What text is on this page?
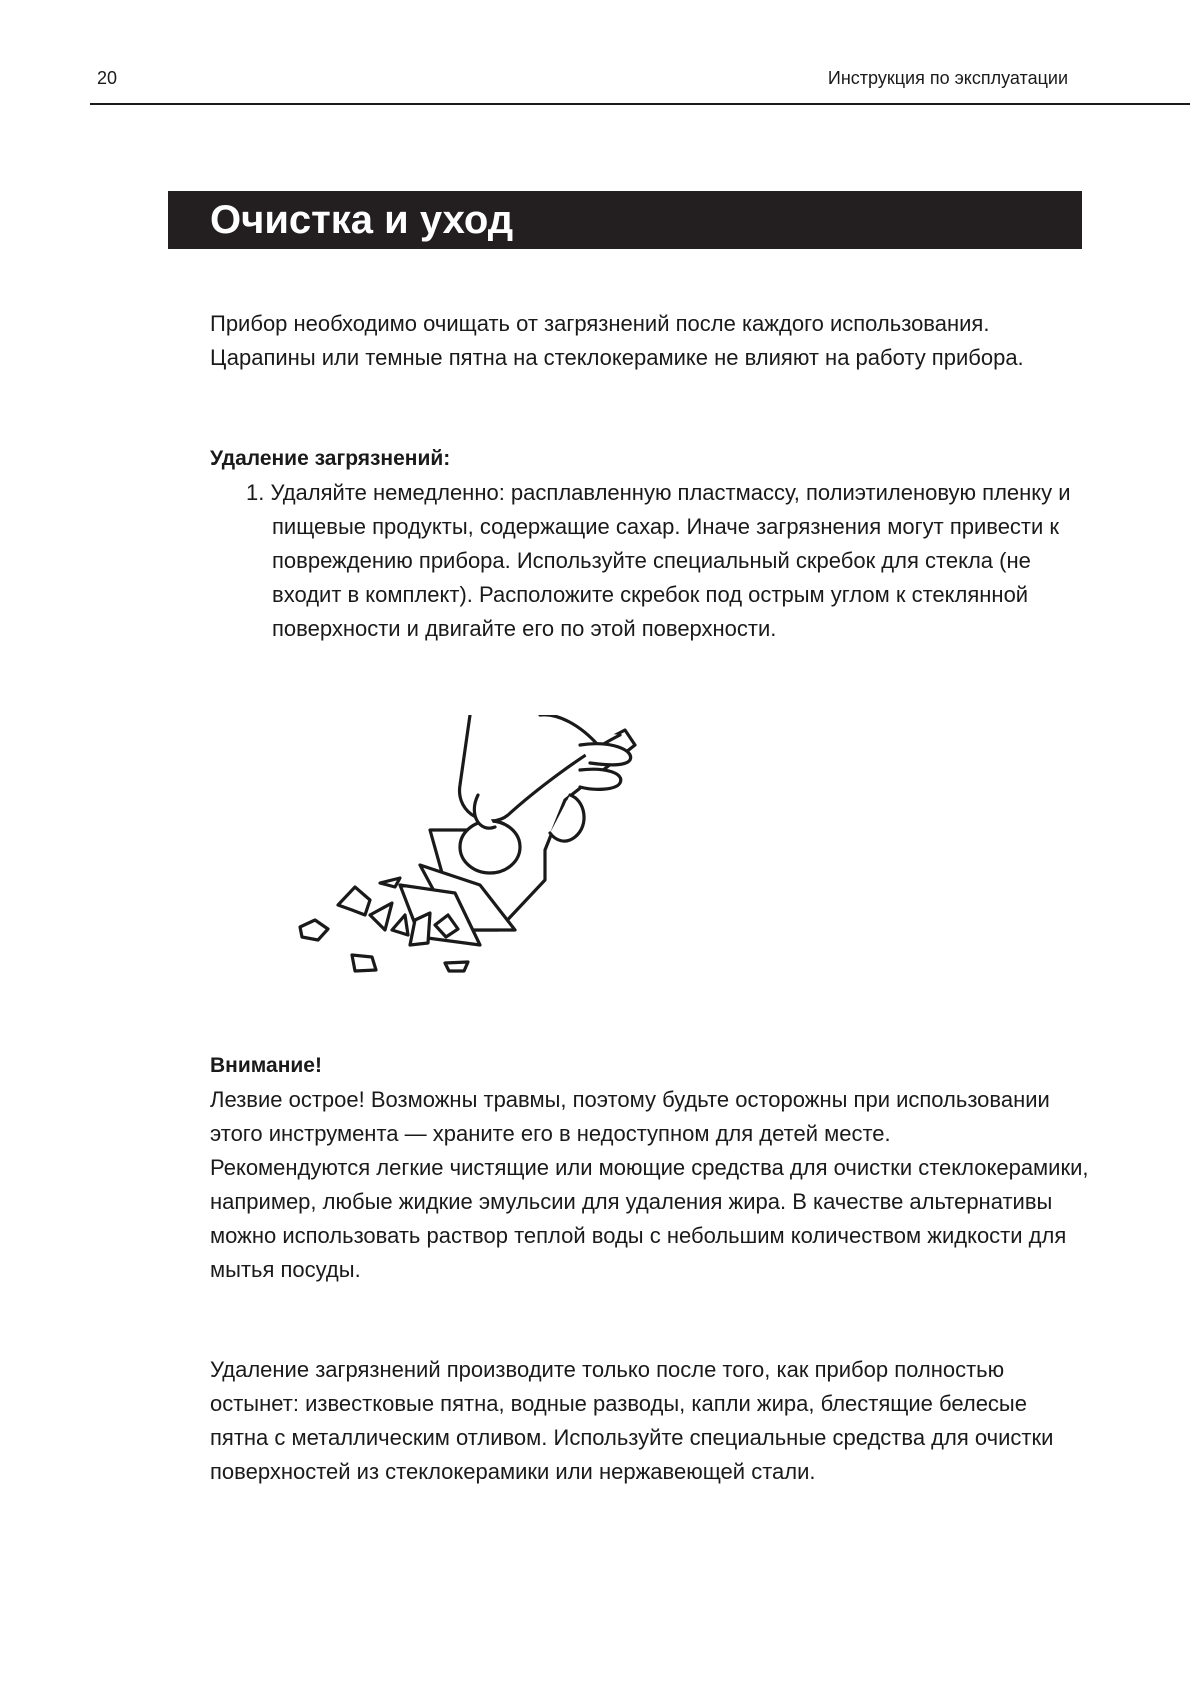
20	Инструкция по эксплуатации
Очистка и уход

Прибор необходимо очищать от загрязнений после каждого использования. Царапины или темные пятна на стеклокерамике не влияют на работу прибора.

Удаление загрязнений:
1. Удаляйте немедленно: расплавленную пластмассу, полиэтиленовую пленку и пищевые продукты, содержащие сахар. Иначе загрязнения могут привести к повреждению прибора. Используйте специальный скребок для стекла (не входит в комплект). Расположите скребок под острым углом к стеклянной поверхности и двигайте его по этой поверхности.

Внимание!

Лезвие острое! Возможны травмы, поэтому будьте осторожны при использовании этого инструмента — храните его в недоступном для детей месте.

Рекомендуются легкие чистящие или моющие средства для очистки стеклокерамики, например, любые жидкие эмульсии для удаления жира. В качестве альтернативы можно использовать раствор теплой воды с небольшим количеством жидкости для мытья посуды.

Удаление загрязнений производите только после того, как прибор полностью остынет: известковые пятна, водные разводы, капли жира, блестящие белесые пятна с металлическим отливом. Используйте специальные средства для очистки поверхностей из стеклокерамики или нержавеющей стали.
